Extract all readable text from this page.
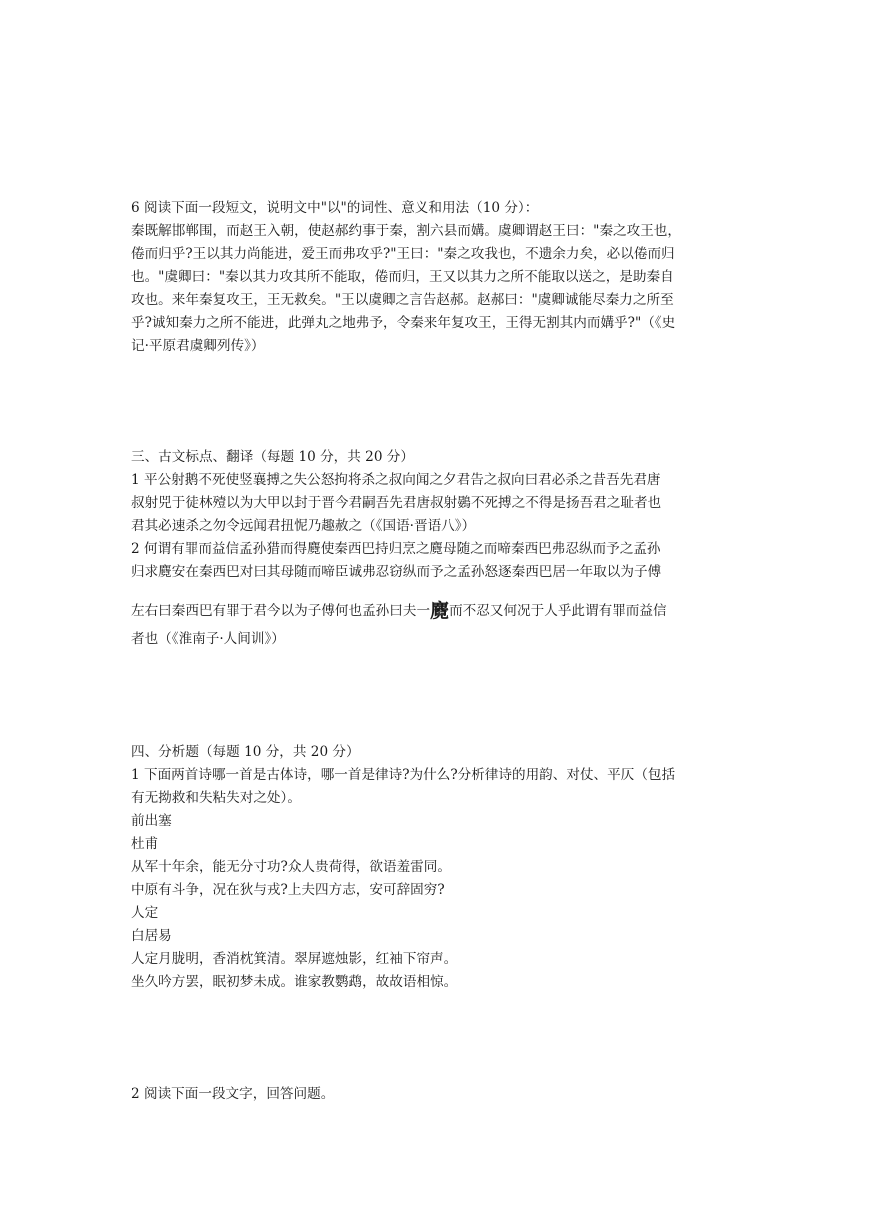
6 阅读下面一段短文，说明文中"以"的词性、意义和用法（10 分）：
秦既解邯郸围，而赵王入朝，使赵郝约事于秦，割六县而媾。虞卿谓赵王曰："秦之攻王也，
倦而归乎?王以其力尚能进，爱王而弗攻乎?"王曰："秦之攻我也，不遗余力矣，必以倦而归
也。"虞卿曰："秦以其力攻其所不能取，倦而归，王又以其力之所不能取以送之，是助秦自
攻也。来年秦复攻王，王无救矣。"王以虞卿之言告赵郝。赵郝曰："虞卿诚能尽秦力之所至
乎?诚知秦力之所不能进，此弹丸之地弗予，令秦来年复攻王，王得无割其内而媾乎?"（《史
记·平原君虞卿列传》）
三、古文标点、翻译（每题 10 分，共 20 分）
1 平公射鹅不死使竖襄搏之失公怒拘将杀之叔向闻之夕君告之叔向曰君必杀之昔吾先君唐
叔射兕于徒林殪以为大甲以封于晋今君嗣吾先君唐叔射鷃不死搏之不得是扬吾君之耻者也
君其必速杀之勿令远闻君扭怩乃趣赦之（《国语·晋语八》）
2 何谓有罪而益信孟孙猎而得麑使秦西巴持归烹之麑母随之而啼秦西巴弗忍纵而予之孟孙
归求麑安在秦西巴对曰其母随而啼臣诚弗忍窃纵而予之孟孙怒逐秦西巴居一年取以为子傅
左右曰秦西巴有罪于君今以为子傅何也孟孙曰夫一麑而不忍又何况于人乎此谓有罪而益信
者也（《淮南子·人间训》）
四、分析题（每题 10 分，共 20 分）
1 下面两首诗哪一首是古体诗，哪一首是律诗?为什么?分析律诗的用韵、对仗、平仄（包括
有无拗救和失粘失对之处）。
前出塞
杜甫
从军十年余，能无分寸功?众人贵荷得，欲语羞雷同。
中原有斗争，况在狄与戎?上夫四方志，安可辞固穷?
人定
白居易
人定月胧明，香消枕箕清。翠屏遮烛影，红袖下帘声。
坐久吟方罢，眠初梦未成。谁家教鹦鹉，故故语相惊。
2 阅读下面一段文字，回答问题。
